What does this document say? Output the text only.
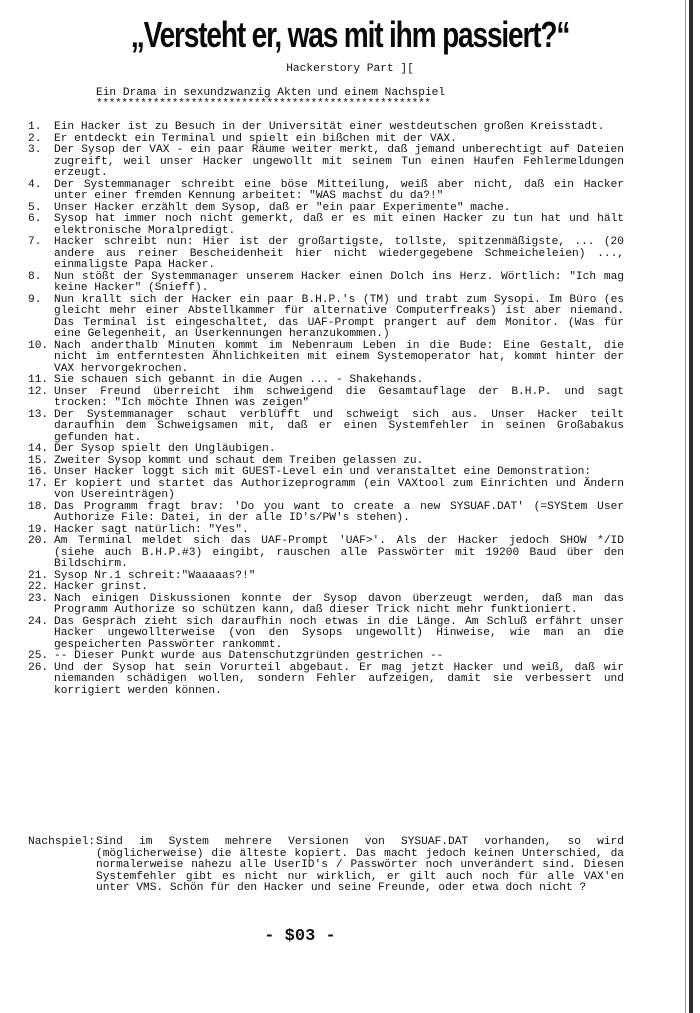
„Versteht er, was mit ihm passiert?“
Hackerstory Part ][
Ein Drama in sexundzwanzig Akten und einem Nachspiel
*****************************************************
1. Ein Hacker ist zu Besuch in der Universität einer westdeutschen großen Kreisstadt.
2. Er entdeckt ein Terminal und spielt ein bißchen mit der VAX.
3. Der Sysop der VAX - ein paar Räume weiter merkt, daß jemand unberechtigt auf Dateien zugreift, weil unser Hacker ungewollt mit seinem Tun einen Haufen Fehlermeldungen erzeugt.
4. Der Systemmanager schreibt eine böse Mitteilung, weiß aber nicht, daß ein Hacker unter einer fremden Kennung arbeitet: "WAS machst du da?!"
5. Unser Hacker erzählt dem Sysop, daß er "ein paar Experimente" mache.
6. Sysop hat immer noch nicht gemerkt, daß er es mit einen Hacker zu tun hat und hält elektronische Moralpredigt.
7. Hacker schreibt nun: Hier ist der großartigste, tollste, spitzenmäßigste, ... (20 andere aus reiner Bescheidenheit hier nicht wiedergegebene Schmeicheleien) ..., einmaligste Papa Hacker.
8. Nun stößt der Systemmanager unserem Hacker einen Dolch ins Herz. Wörtlich: "Ich mag keine Hacker" (Snieff).
9. Nun krallt sich der Hacker ein paar B.H.P.'s (TM) und trabt zum Sysopi. Im Büro (es gleicht mehr einer Abstellkammer für alternative Computerfreaks) ist aber niemand. Das Terminal ist eingeschaltet, das UAF-Prompt prangert auf dem Monitor. (Was für eine Gelegenheit, an Userkennungen heranzukommen.)
10. Nach anderthalb Minuten kommt im Nebenraum Leben in die Bude: Eine Gestalt, die nicht im entferntesten Ähnlichkeiten mit einem Systemoperator hat, kommt hinter der VAX hervorgekrochen.
11. Sie schauen sich gebannt in die Augen ... - Shakehands.
12. Unser Freund überreicht ihm schweigend die Gesamtauflage der B.H.P. und sagt trocken: "Ich möchte Ihnen was zeigen"
13. Der Systemmanager schaut verblüfft und schweigt sich aus. Unser Hacker teilt daraufhin dem Schweigsamen mit, daß er einen Systemfehler in seinen Großabakus gefunden hat.
14. Der Sysop spielt den Ungläubigen.
15. Zweiter Sysop kommt und schaut dem Treiben gelassen zu.
16. Unser Hacker loggt sich mit GUEST-Level ein und veranstaltet eine Demonstration:
17. Er kopiert und startet das Authorizeprogramm (ein VAXtool zum Einrichten und Ändern von Usereinträgen)
18. Das Programm fragt brav: 'Do you want to create a new SYSUAF.DAT' (=SYStem User Authorize File: Datei, in der alle ID's/PW's stehen).
19. Hacker sagt natürlich: "Yes".
20. Am Terminal meldet sich das UAF-Prompt 'UAF>'. Als der Hacker jedoch SHOW */ID (siehe auch B.H.P.#3) eingibt, rauschen alle Passwörter mit 19200 Baud über den Bildschirm.
21. Sysop Nr.1 schreit:"Waaaaas?!"
22. Hacker grinst.
23. Nach einigen Diskussionen konnte der Sysop davon überzeugt werden, daß man das Programm Authorize so schützen kann, daß dieser Trick nicht mehr funktioniert.
24. Das Gespräch zieht sich daraufhin noch etwas in die Länge. Am Schluß erfährt unser Hacker ungewollterweise (von den Sysops ungewollt) Hinweise, wie man an die gespeicherten Passwörter rankommt.
25. -- Dieser Punkt wurde aus Datenschutzgründen gestrichen --
26. Und der Sysop hat sein Vorurteil abgebaut. Er mag jetzt Hacker und weiß, daß wir niemanden schädigen wollen, sondern Fehler aufzeigen, damit sie verbessert und korrigiert werden können.
Nachspiel: Sind im System mehrere Versionen von SYSUAF.DAT vorhanden, so wird (möglicherweise) die älteste kopiert. Das macht jedoch keinen Unterschied, da normalerweise nahezu alle UserID's / Passwörter noch unverändert sind. Diesen Systemfehler gibt es nicht nur wirklich, er gilt auch noch für alle VAX'en unter VMS. Schön für den Hacker und seine Freunde, oder etwa doch nicht ?
- $03 -
